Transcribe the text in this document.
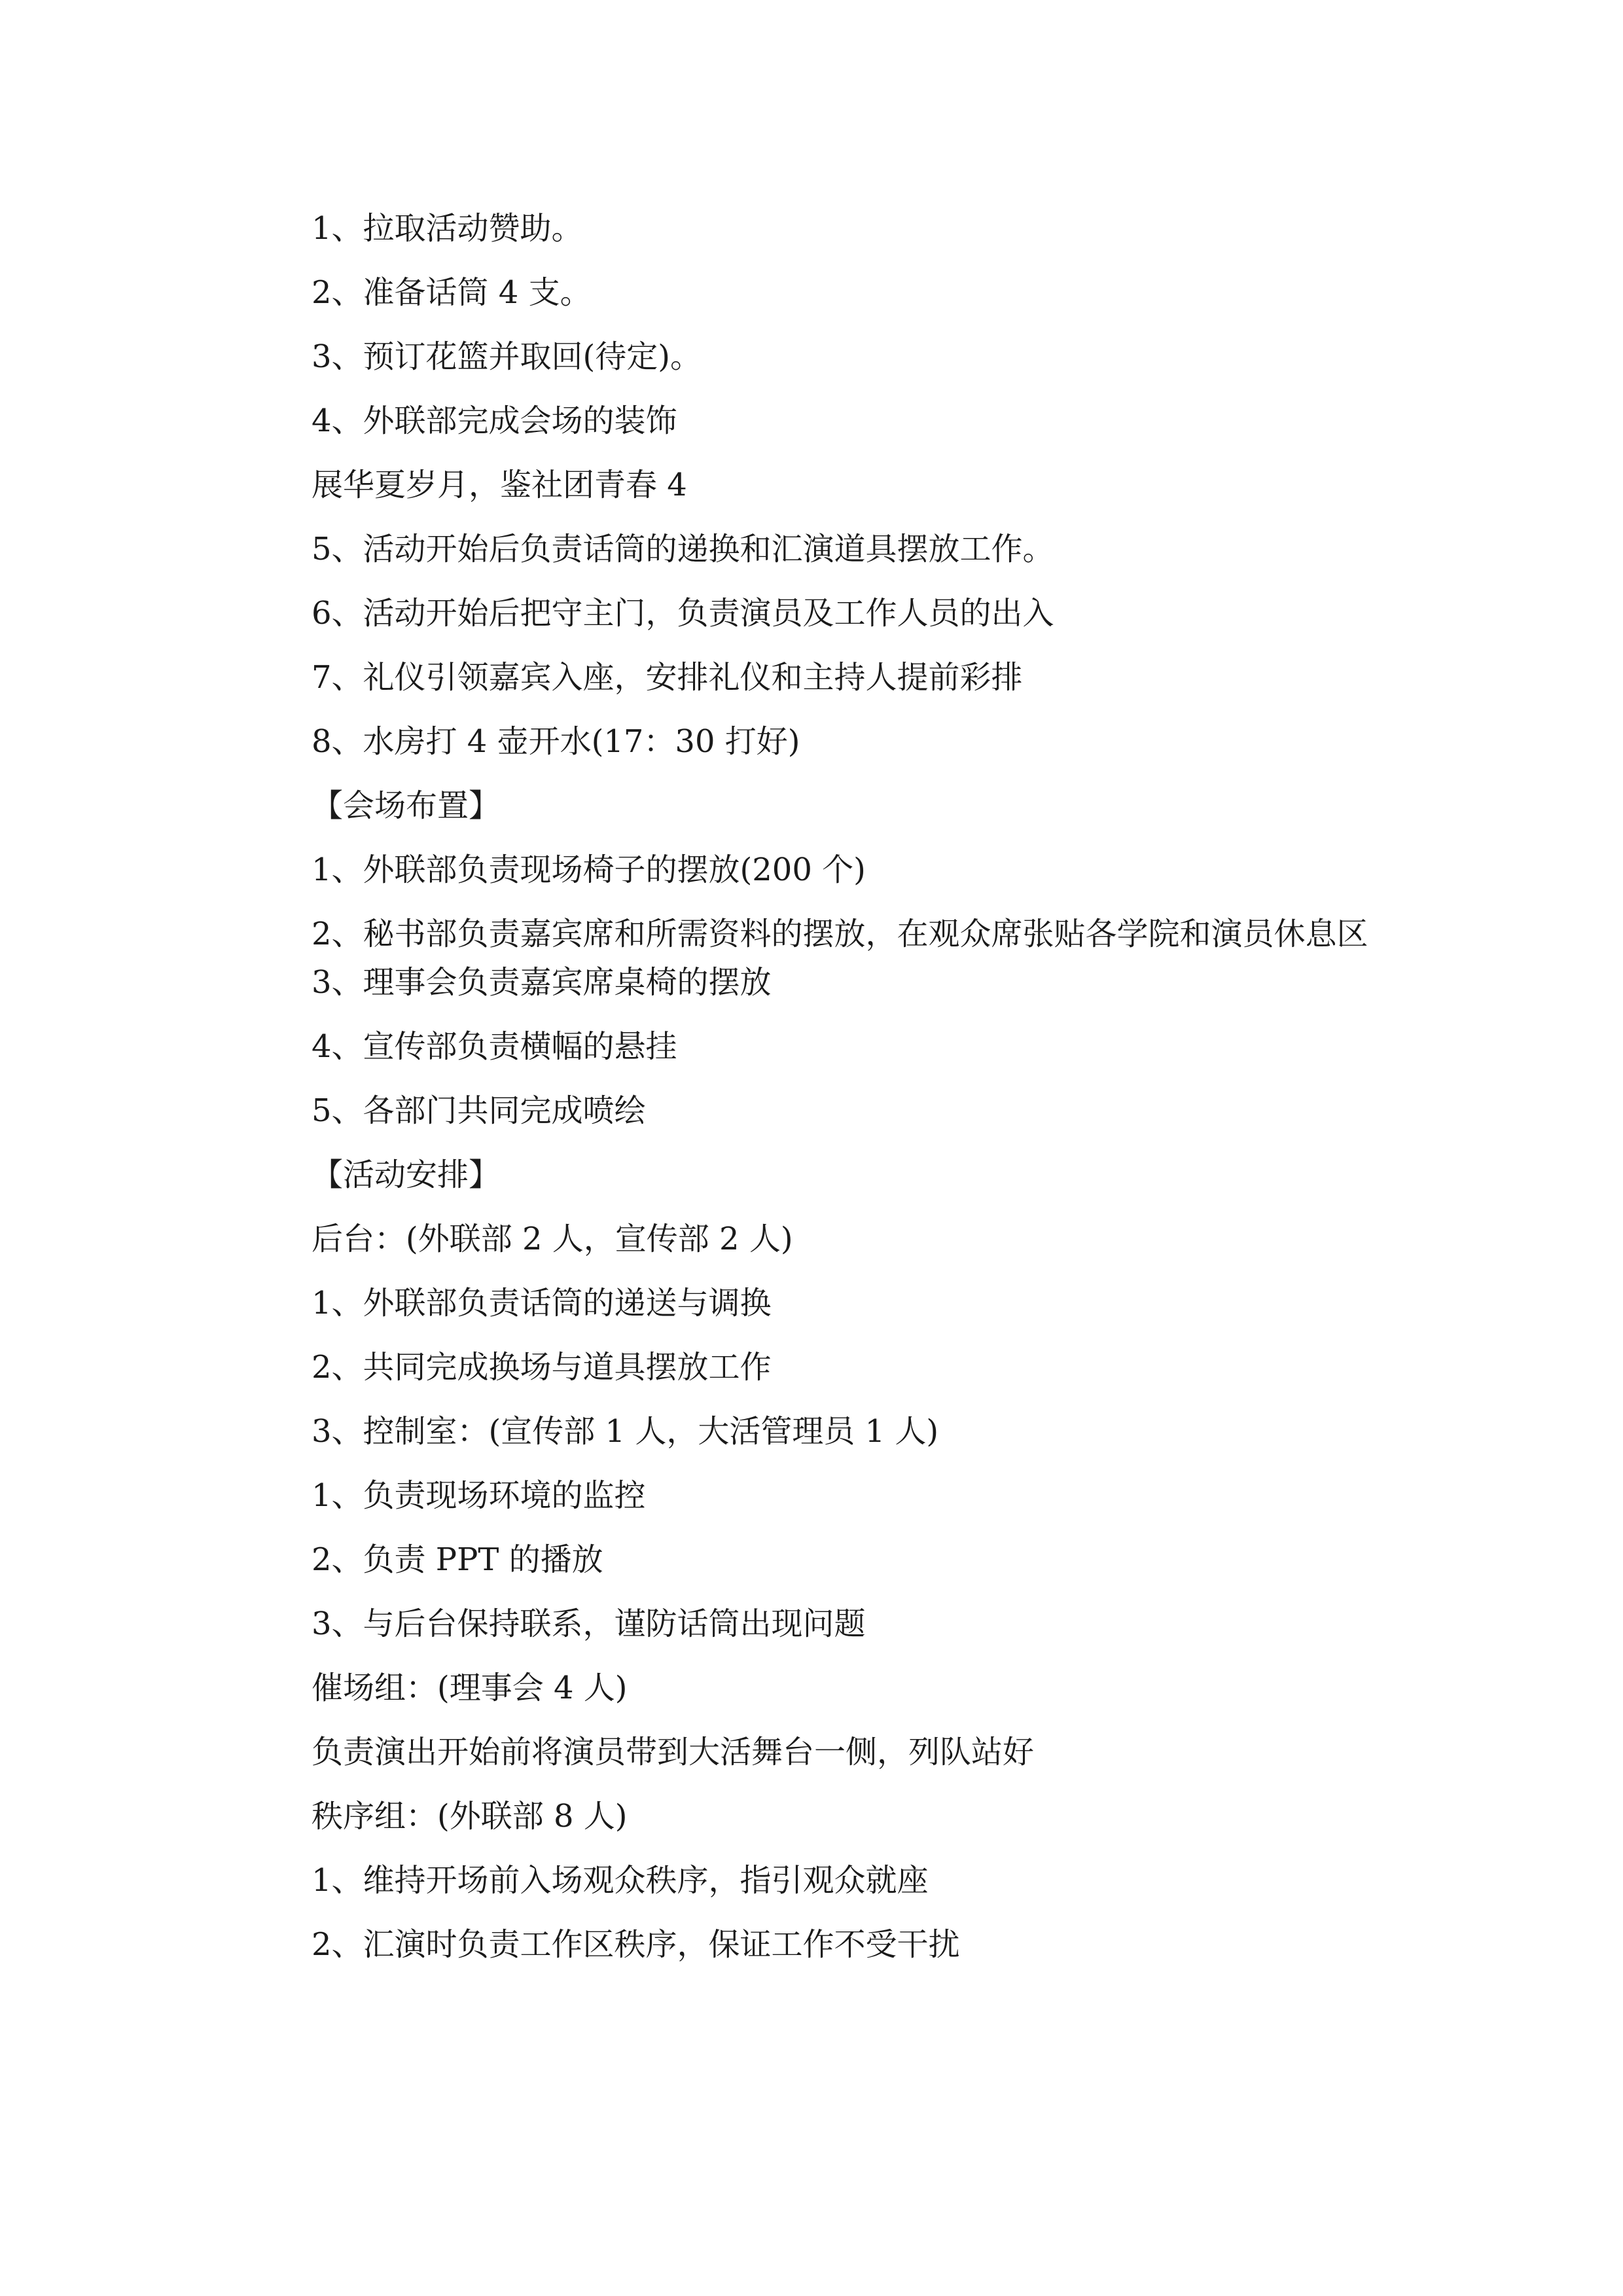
1、拉取活动赞助。
2、准备话筒 4 支。
3、预订花篮并取回(待定)。
4、外联部完成会场的装饰
展华夏岁月，鉴社团青春 4
5、活动开始后负责话筒的递换和汇演道具摆放工作。
6、活动开始后把守主门，负责演员及工作人员的出入
7、礼仪引领嘉宾入座，安排礼仪和主持人提前彩排
8、水房打 4 壶开水(17：30 打好)
【会场布置】
1、外联部负责现场椅子的摆放(200 个)
2、秘书部负责嘉宾席和所需资料的摆放，在观众席张贴各学院和演员休息区
3、理事会负责嘉宾席桌椅的摆放
4、宣传部负责横幅的悬挂
5、各部门共同完成喷绘
【活动安排】
后台：(外联部 2 人，宣传部 2 人)
1、外联部负责话筒的递送与调换
2、共同完成换场与道具摆放工作
3、控制室：(宣传部 1 人，大活管理员 1 人)
1、负责现场环境的监控
2、负责 PPT 的播放
3、与后台保持联系，谨防话筒出现问题
催场组：(理事会 4 人)
负责演出开始前将演员带到大活舞台一侧，列队站好
秩序组：(外联部 8 人)
1、维持开场前入场观众秩序，指引观众就座
2、汇演时负责工作区秩序，保证工作不受干扰
